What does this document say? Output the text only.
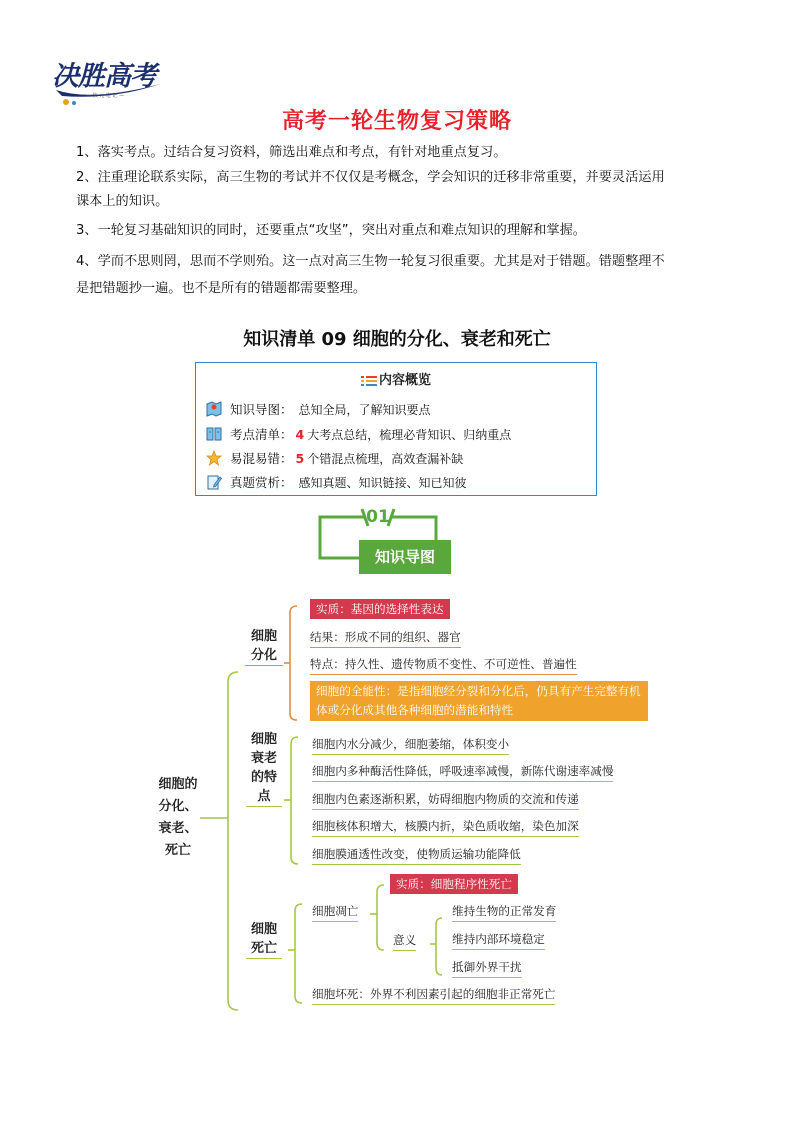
决胜高考
— 状 元 笔 记 —
高考一轮生物复习策略
1、落实考点。过结合复习资料，筛选出难点和考点，有针对地重点复习。
2、注重理论联系实际，高三生物的考试并不仅仅是考概念，学会知识的迁移非常重要，并要灵活运用
课本上的知识。
3、一轮复习基础知识的同时，还要重点“攻坚”，突出对重点和难点知识的理解和掌握。
4、学而不思则罔，思而不学则殆。这一点对高三生物一轮复习很重要。尤其是对于错题。错题整理不
是把错题抄一遍。也不是所有的错题都需要整理。
知识清单 09 细胞的分化、衰老和死亡
内容概览
知识导图： 总知全局，了解知识要点
考点清单： 4 大考点总结，梳理必背知识、归纳重点
易混易错： 5 个错混点梳理，高效查漏补缺
真题赏析： 感知真题、知识链接、知已知彼
01
知识导图
细胞的
分化、
衰老、
死亡
细胞
分化
实质：基因的选择性表达
结果：形成不同的组织、器官
特点：持久性、遗传物质不变性、不可逆性、普遍性
细胞的全能性：是指细胞经分裂和分化后，仍具有产生完整有机体或分化成其他各种细胞的潜能和特性
细胞
衰老
的特
点
细胞内水分减少，细胞萎缩，体积变小
细胞内多种酶活性降低，呼吸速率减慢，新陈代谢速率减慢
细胞内色素逐渐积累，妨碍细胞内物质的交流和传递
细胞核体积增大，核膜内折，染色质收缩，染色加深
细胞膜通透性改变，使物质运输功能降低
细胞
死亡
细胞凋亡
实质：细胞程序性死亡
意义
维持生物的正常发育
维持内部环境稳定
抵御外界干扰
细胞坏死：外界不利因素引起的细胞非正常死亡
